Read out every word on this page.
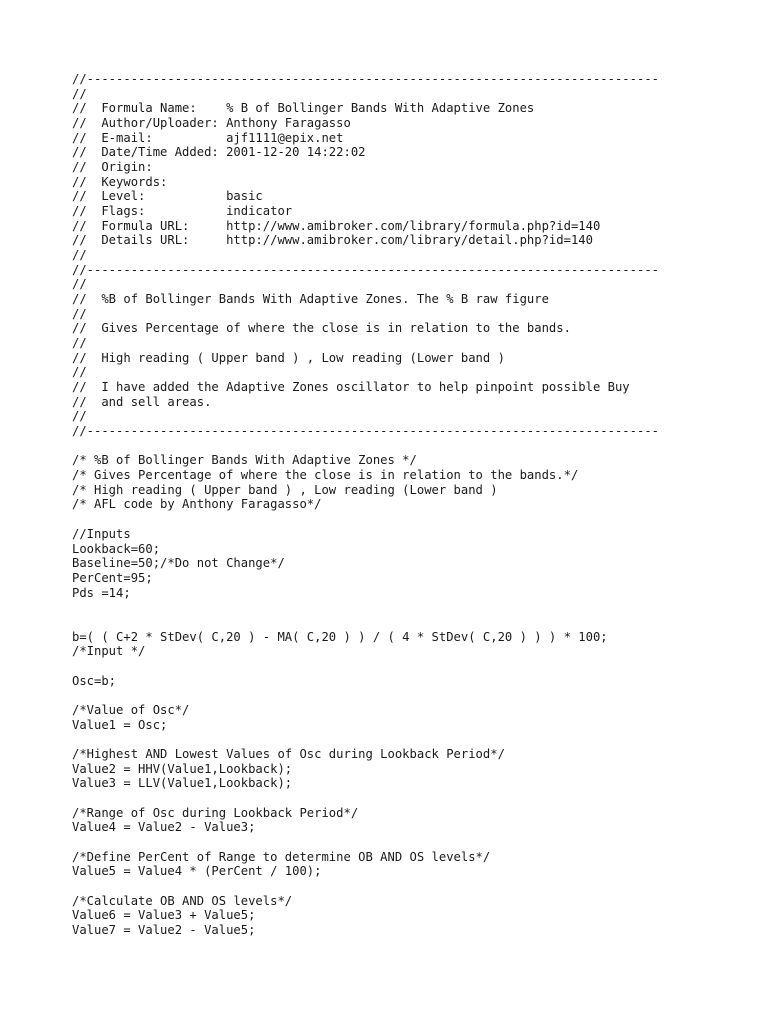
//------------------------------------------------------------------------------
//
//  Formula Name:    % B of Bollinger Bands With Adaptive Zones
//  Author/Uploader: Anthony Faragasso
//  E-mail:          ajf1111@epix.net
//  Date/Time Added: 2001-12-20 14:22:02
//  Origin:
//  Keywords:
//  Level:           basic
//  Flags:           indicator
//  Formula URL:     http://www.amibroker.com/library/formula.php?id=140
//  Details URL:     http://www.amibroker.com/library/detail.php?id=140
//
//------------------------------------------------------------------------------
//
//  %B of Bollinger Bands With Adaptive Zones. The % B raw figure
//
//  Gives Percentage of where the close is in relation to the bands.
//
//  High reading ( Upper band ) , Low reading (Lower band )
//
//  I have added the Adaptive Zones oscillator to help pinpoint possible Buy
//  and sell areas.
//
//------------------------------------------------------------------------------
/* %B of Bollinger Bands With Adaptive Zones */
/* Gives Percentage of where the close is in relation to the bands.*/
/* High reading ( Upper band ) , Low reading (Lower band )
/* AFL code by Anthony Faragasso*/
//Inputs
Lookback=60;
Baseline=50;/*Do not Change*/
PerCent=95;
Pds =14;
b=( ( C+2 * StDev( C,20 ) - MA( C,20 ) ) / ( 4 * StDev( C,20 ) ) ) * 100;
/*Input */
Osc=b;
/*Value of Osc*/
Value1 = Osc;
/*Highest AND Lowest Values of Osc during Lookback Period*/
Value2 = HHV(Value1,Lookback);
Value3 = LLV(Value1,Lookback);
/*Range of Osc during Lookback Period*/
Value4 = Value2 - Value3;
/*Define PerCent of Range to determine OB AND OS levels*/
Value5 = Value4 * (PerCent / 100);
/*Calculate OB AND OS levels*/
Value6 = Value3 + Value5;
Value7 = Value2 - Value5;
